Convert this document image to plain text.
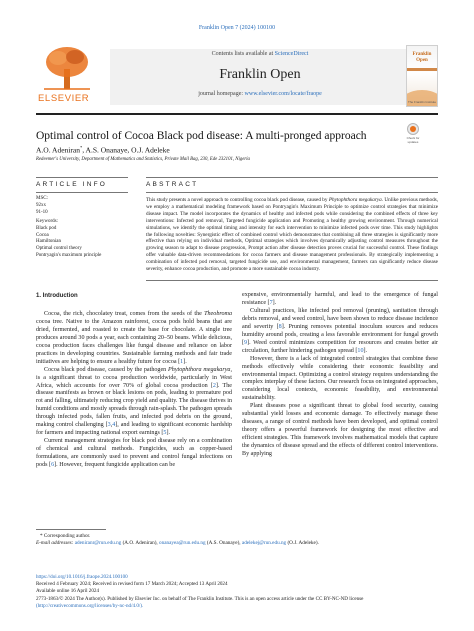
Franklin Open 7 (2024) 100100
ELSEVIER
Contents lists available at ScienceDirect
Franklin Open
journal homepage: www.elsevier.com/locate/fraope
Franklin Open
The Franklin Institute
Optimal control of Cocoa Black pod disease: A multi-pronged approach	Check for updates
A.O. Adeniran*, A.S. Onanaye, O.J. Adeleke
Redeemer's University, Department of Mathematics and Statistics, Private Mail Bag, 230, Ede 232101, Nigeria
ARTICLE INFO	ABSTRACT
MSC:
92xx
91-10
Keywords:
Black pod
Cocoa
Hamiltonian
Optimal control theory
Pontryagin's maximum principle
This study presents a novel approach to controlling cocoa black pod disease, caused by Phytophthora megakarya. Unlike previous methods, we employ a mathematical modeling framework based on Pontryagin's Maximum Principle to optimize control strategies that minimize disease impact. The model incorporates the dynamics of healthy and infected pods while considering the combined effects of three key interventions: Infected pod removal, Targeted fungicide application and Promoting a healthy growing environment. Through numerical simulations, we identify the optimal timing and intensity for each intervention to minimize infected pods over time. This study highlights the following novelties: Synergistic effect of combined control which demonstrates that combining all three strategies is significantly more effective than relying on individual methods, Optimal strategies which involves dynamically adjusting control measures throughout the growing season to adapt to disease progression, Prompt action after disease detection proves crucial for successful control. These findings offer valuable data-driven recommendations for cocoa farmers and disease management professionals. By strategically implementing a combination of infected pod removal, targeted fungicide use, and environmental management, farmers can significantly reduce disease severity, enhance cocoa production, and promote a more sustainable cocoa industry.
1. Introduction

Cocoa, the rich, chocolatey treat, comes from the seeds of the Theobroma cocoa tree. Native to the Amazon rainforest, cocoa pods hold beans that are dried, fermented, and roasted to create the base for chocolate. A single tree produces around 30 pods a year, each containing 20–50 beans. While delicious, cocoa production faces challenges like fungal disease and reliance on labor practices in developing countries. Sustainable farming methods and fair trade initiatives are helping to ensure a healthy future for cocoa [1].

Cocoa black pod disease, caused by the pathogen Phytophthora megakarya, is a significant threat to cocoa production worldwide, particularly in West Africa, which accounts for over 70% of global cocoa production [2]. The disease manifests as brown or black lesions on pods, leading to premature pod rot and falling, ultimately reducing crop yield and quality. The disease thrives in humid conditions and mostly spreads through rain-splash. The pathogen spreads through infected pods, fallen fruits, and infected pod debris on the ground, making control challenging [3,4], and leading to significant economic hardship for farmers and impacting national export earnings [5].

Current management strategies for black pod disease rely on a combination of chemical and cultural methods. Fungicides, such as copper-based formulations, are commonly used to prevent and control fungal infections on pods [6]. However, frequent fungicide application can be

expensive, environmentally harmful, and lead to the emergence of fungal resistance [7].

Cultural practices, like infected pod removal (pruning), sanitation through debris removal, and weed control, have been shown to reduce disease incidence and severity [8]. Pruning removes potential inoculum sources and reduces humidity around pods, creating a less favorable environment for fungal growth [9]. Weed control minimizes competition for resources and creates better air circulation, further hindering pathogen spread [10].

However, there is a lack of integrated control strategies that combine these methods effectively while considering their economic feasibility and environmental impact. Optimizing a control strategy requires understanding the complex interplay of these factors. Our research focus on integrated approaches, considering local contexts, economic feasibility, and environmental sustainability.

Plant diseases pose a significant threat to global food security, causing substantial yield losses and economic damage. To effectively manage these diseases, a range of control methods have been developed, and optimal control theory offers a powerful framework for designing the most effective and efficient strategies. This framework involves mathematical models that capture the dynamics of disease spread and the effects of different control interventions. By applying

* Corresponding author.
E-mail addresses: adeniranr@run.edu.ng (A.O. Adeniran), onanayea@run.edu.ng (A.S. Onanaye), adelekej@run.edu.ng (O.J. Adeleke).
https://doi.org/10.1016/j.fraope.2024.100100
Received 4 February 2024; Received in revised form 17 March 2024; Accepted 13 April 2024
Available online 16 April 2024
2773-1863/© 2024 The Author(s). Published by Elsevier Inc. on behalf of The Franklin Institute. This is an open access article under the CC BY-NC-ND license
(http://creativecommons.org/licenses/by-nc-nd/4.0/).
